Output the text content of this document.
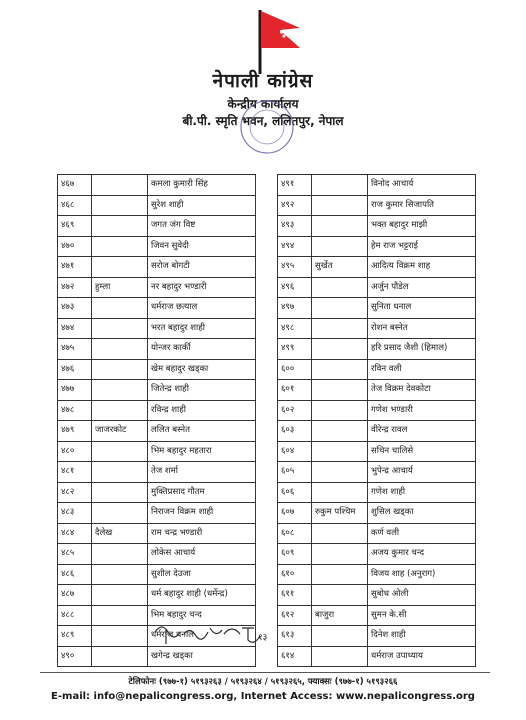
नेपाली कांग्रेस
केन्द्रीय कार्यालय
बी.पी. स्मृति भवन, ललितपुर, नेपाल
४६७		कमला कुमारी सिंह
४६८		सुरेश शाही
४६९		जगत जंग विष्ट
४७०		जिवन सुवेदी
४७१		सरोज बोगटी
४७२	हुम्ला	नर बहादुर भण्डारी
४७३		धर्मराज छत्याल
४७४		भरत बहादुर शाही
४७५		योन्जर कार्की
४७६		खेम बहादुर खड्का
४७७		जितेन्द्र शाही
४७८		रविन्द्र शाही
४७९	जाजरकोट	ललित बस्नेत
४८०		भिम बहादुर महतारा
४८१		तेज शर्मा
४८२		मुक्तिप्रसाद गौतम
४८३		निराजन विक्रम शाही
४८४	दैलेख	राम चन्द्र भण्डारी
४८५		लोकेस आचार्य
४८६		सुशील देउजा
४८७		धर्म बहादुर शाही (धर्मेन्द्र)
४८८		भिम बहादुर चन्द
४८९		धर्मराज धनाल
४९०		खगेन्द्र खड्का
४९१		विनोद आचार्य
४९२		राज कुमार सिजापति
४९३		भक्त बहादुर माझी
४९४		हेम राज भट्टराई
४९५	सुर्खेत	आदित्य विक्रम शाह
४९६		अर्जुन पौडेल
४९७		सुनिता धनाल
४९८		रोशन बस्नेत
४९९		हरि प्रसाद जैशी (हिमाल)
६००		रविन वली
६०१		तेज विक्रम देवकोटा
६०२		गणेश भण्डारी
६०३		वीरेन्द्र रावल
६०४		सचिन चालिसे
६०५		भुपेन्द्र आचार्य
६०६		गणेश शाही
६०७	रुकुम पश्चिम	शुसिल खड्का
६०८		कर्ण वली
६०९		अजय कुमार चन्द
६१०		विजय शाह (अनुराग)
६११		सुबोध ओली
६१२	बाजुरा	सुमन के.सी
६१३		दिनेश शाही
६१४		धर्मराज उपाध्याय
१३
टेलिफोनः (९७७-१) ५१९३२६३ / ५१९३२६४ / ५१९३२६५, फ्याक्सः (९७७-१) ५१९३२६६
E-mail: info@nepalicongress.org, Internet Access: www.nepalicongress.org
